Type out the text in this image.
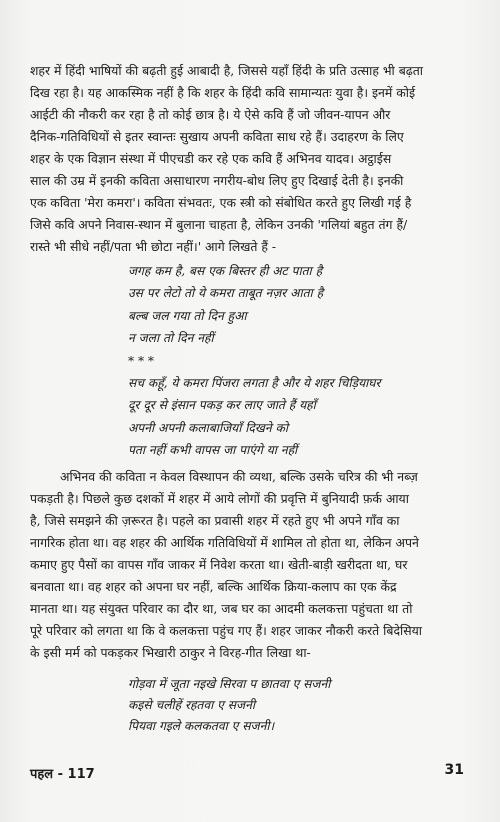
शहर में हिंदी भाषियों की बढ़ती हुई आबादी है, जिससे यहाँ हिंदी के प्रति उत्साह भी बढ़ता
दिख रहा है। यह आकस्मिक नहीं है कि शहर के हिंदी कवि सामान्यतः युवा है। इनमें कोई
आईटी की नौकरी कर रहा है तो कोई छात्र है। ये ऐसे कवि हैं जो जीवन-यापन और
दैनिक-गतिविधियों से इतर स्वान्तः सुखाय अपनी कविता साध रहे हैं। उदाहरण के लिए
शहर के एक विज्ञान संस्था में पीएचडी कर रहे एक कवि हैं अभिनव यादव। अट्ठाईस
साल की उम्र में इनकी कविता असाधारण नगरीय-बोध लिए हुए दिखाई देती है। इनकी
एक कविता 'मेरा कमरा'। कविता संभवतः, एक स्त्री को संबोधित करते हुए लिखी गई है
जिसे कवि अपने निवास-स्थान में बुलाना चाहता है, लेकिन उनकी 'गलियां बहुत तंग हैं/
रास्ते भी सीधे नहीं/पता भी छोटा नहीं।' आगे लिखते हैं -
जगह कम है, बस एक बिस्तर ही अट पाता है
उस पर लेटो तो ये कमरा ताबूत नज़र आता है
बल्ब जल गया तो दिन हुआ
न जला तो दिन नहीं
* * *
सच कहूँ, ये कमरा पिंजरा लगता है और ये शहर चिड़ियाघर
दूर दूर से इंसान पकड़ कर लाए जाते हैं यहाँ
अपनी अपनी कलाबाजियाँ दिखने को
पता नहीं कभी वापस जा पाएंगे या नहीं
अभिनव की कविता न केवल विस्थापन की व्यथा, बल्कि उसके चरित्र की भी नब्ज़
पकड़ती है। पिछले कुछ दशकों में शहर में आये लोगों की प्रवृत्ति में बुनियादी फ़र्क आया
है, जिसे समझने की ज़रूरत है। पहले का प्रवासी शहर में रहते हुए भी अपने गाँव का
नागरिक होता था। वह शहर की आर्थिक गतिविधियों में शामिल तो होता था, लेकिन अपने
कमाए हुए पैसों का वापस गाँव जाकर में निवेश करता था। खेती-बाड़ी खरीदता था, घर
बनवाता था। वह शहर को अपना घर नहीं, बल्कि आर्थिक क्रिया-कलाप का एक केंद्र
मानता था। यह संयुक्त परिवार का दौर था, जब घर का आदमी कलकत्ता पहुंचता था तो
पूरे परिवार को लगता था कि वे कलकत्ता पहुंच गए हैं। शहर जाकर नौकरी करते बिदेसिया
के इसी मर्म को पकड़कर भिखारी ठाकुर ने विरह-गीत लिखा था-
गोड़वा में जूता नइखे सिरवा प छातवा ए सजनी
कइसे चलीहें रहतवा ए सजनी
पियवा गइले कलकतवा ए सजनी।
पहल - 117	31
